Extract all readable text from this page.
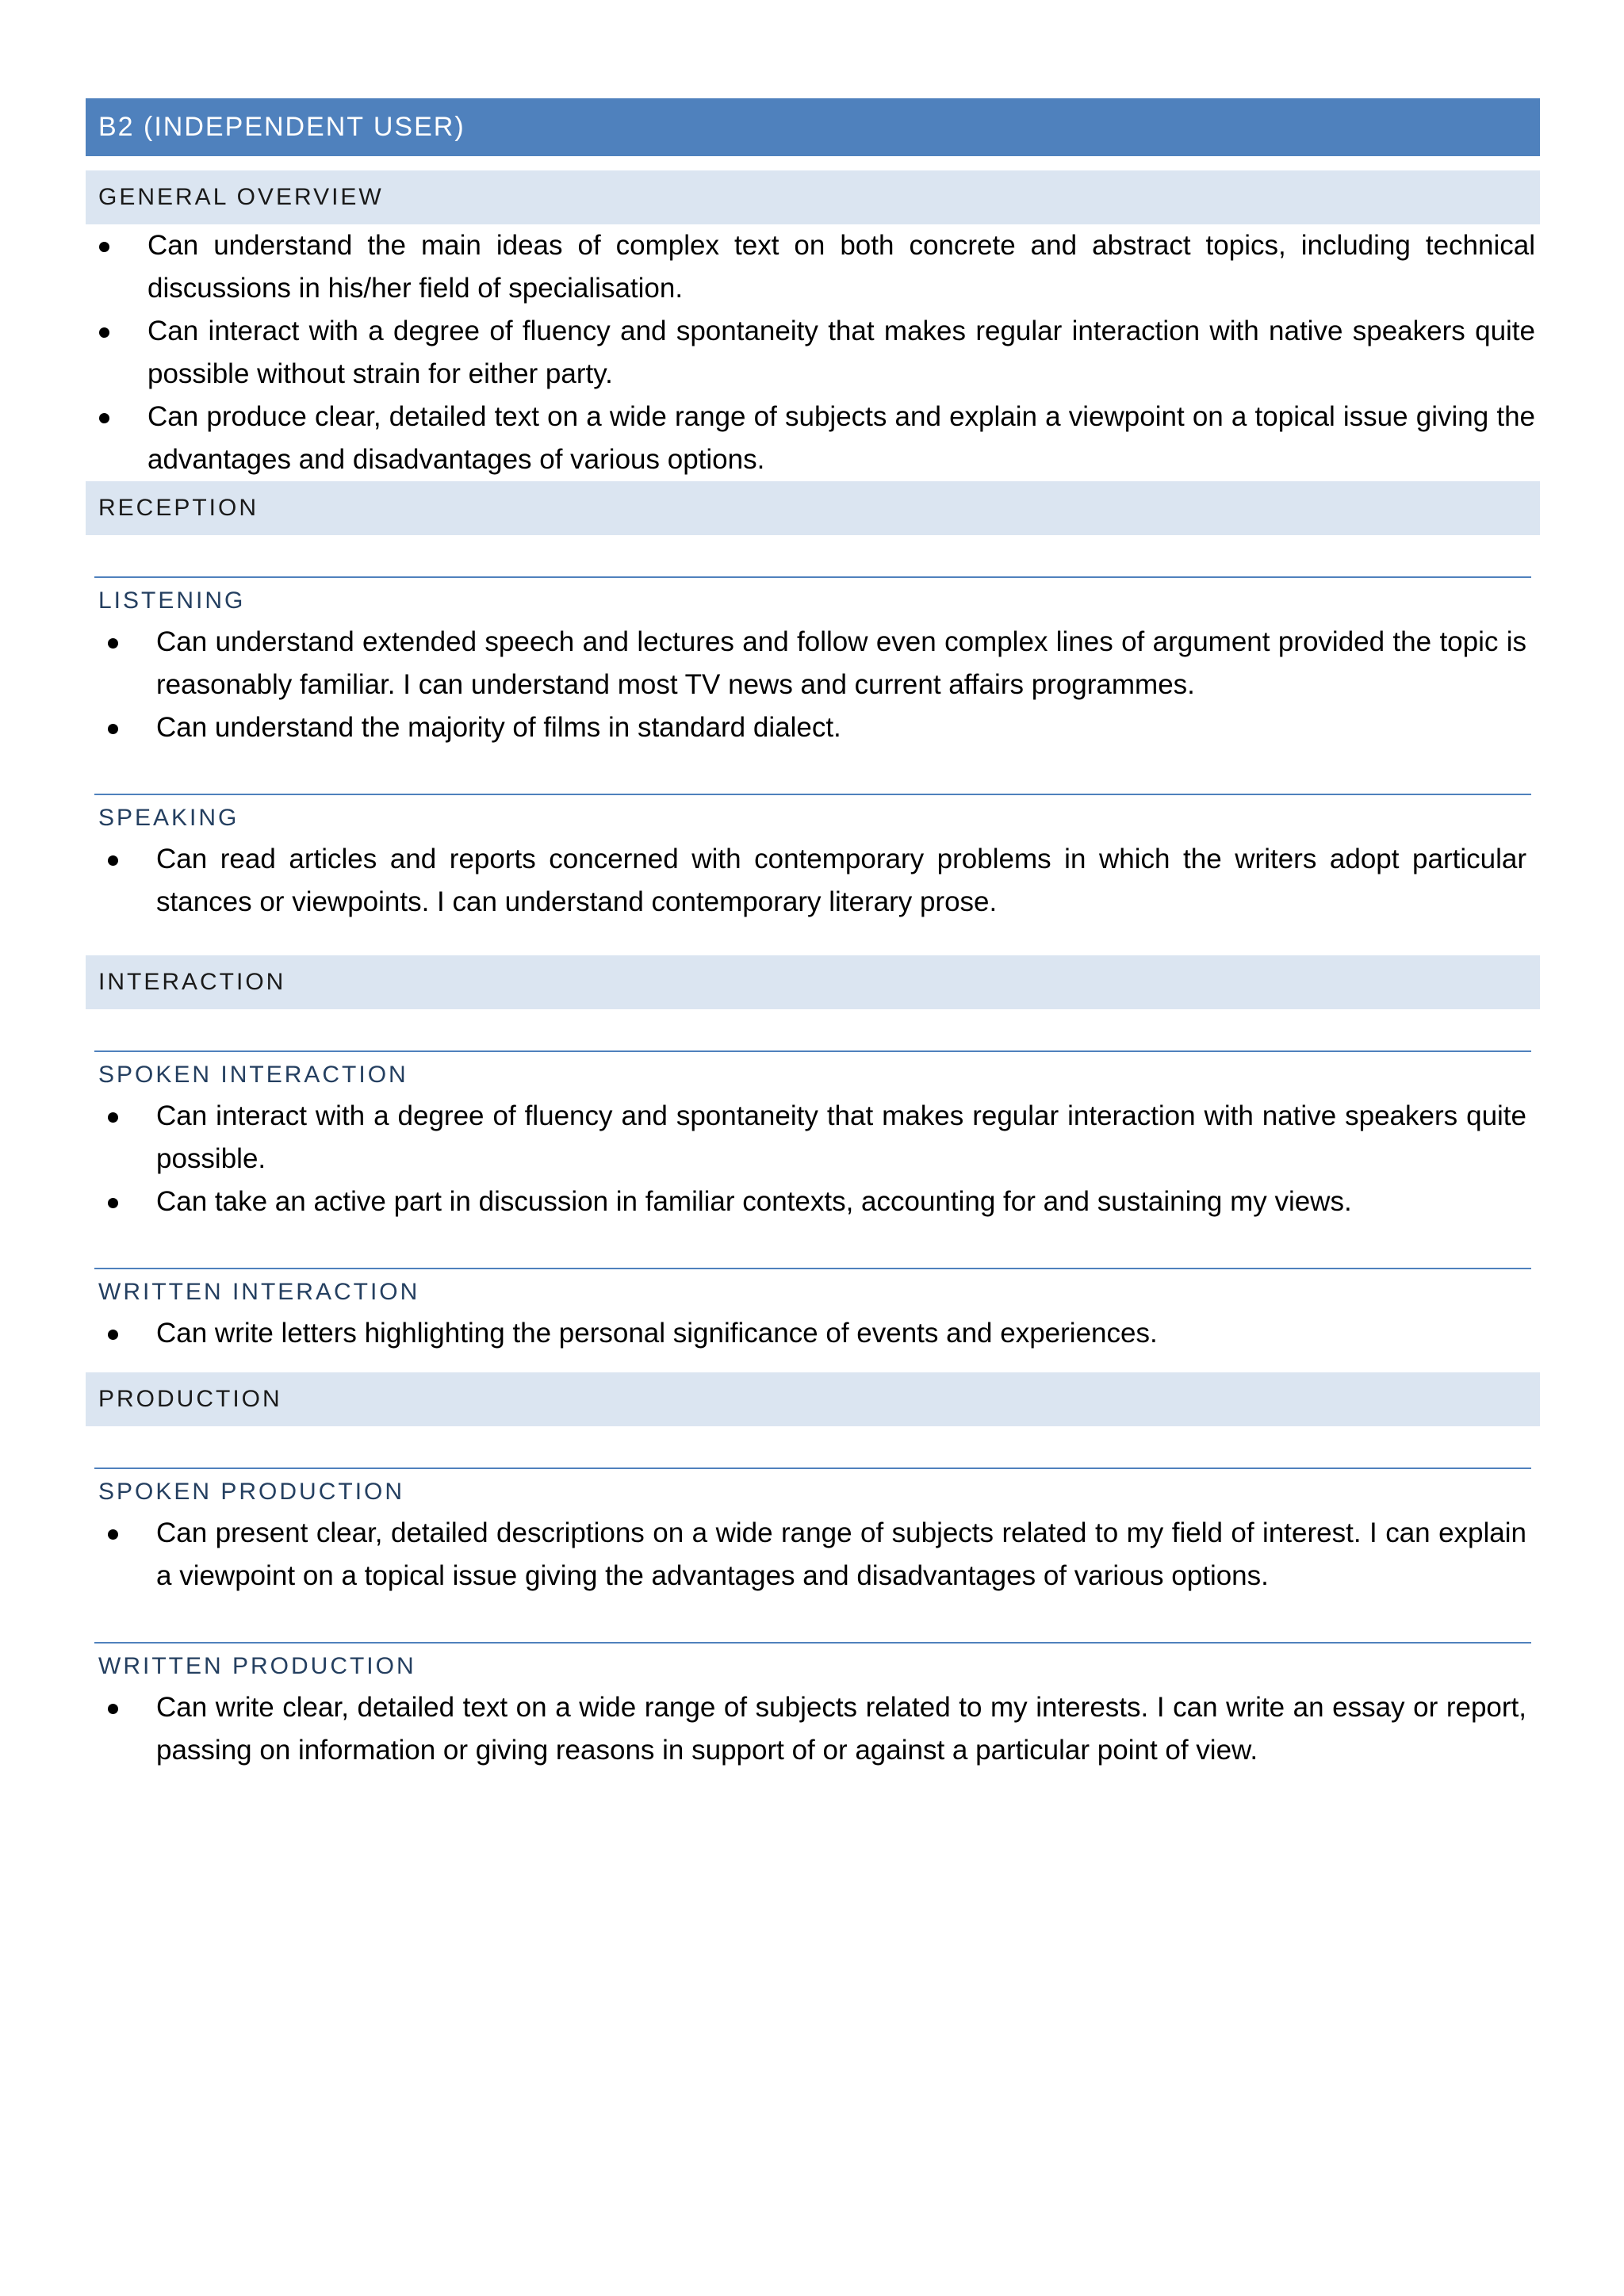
B2 (INDEPENDENT USER)
GENERAL OVERVIEW
Can understand the main ideas of complex text on both concrete and abstract topics, including technical discussions in his/her field of specialisation.
Can interact with a degree of fluency and spontaneity that makes regular interaction with native speakers quite possible without strain for either party.
Can produce clear, detailed text on a wide range of subjects and explain a viewpoint on a topical issue giving the advantages and disadvantages of various options.
RECEPTION
LISTENING
Can understand extended speech and lectures and follow even complex lines of argument provided the topic is reasonably familiar. I can understand most TV news and current affairs programmes.
Can understand the majority of films in standard dialect.
SPEAKING
Can read articles and reports concerned with contemporary problems in which the writers adopt particular stances or viewpoints. I can understand contemporary literary prose.
INTERACTION
SPOKEN INTERACTION
Can interact with a degree of fluency and spontaneity that makes regular interaction with native speakers quite possible.
Can take an active part in discussion in familiar contexts, accounting for and sustaining my views.
WRITTEN INTERACTION
Can write letters highlighting the personal significance of events and experiences.
PRODUCTION
SPOKEN PRODUCTION
Can present clear, detailed descriptions on a wide range of subjects related to my field of interest. I can explain a viewpoint on a topical issue giving the advantages and disadvantages of various options.
WRITTEN PRODUCTION
Can write clear, detailed text on a wide range of subjects related to my interests. I can write an essay or report, passing on information or giving reasons in support of or against a particular point of view.
